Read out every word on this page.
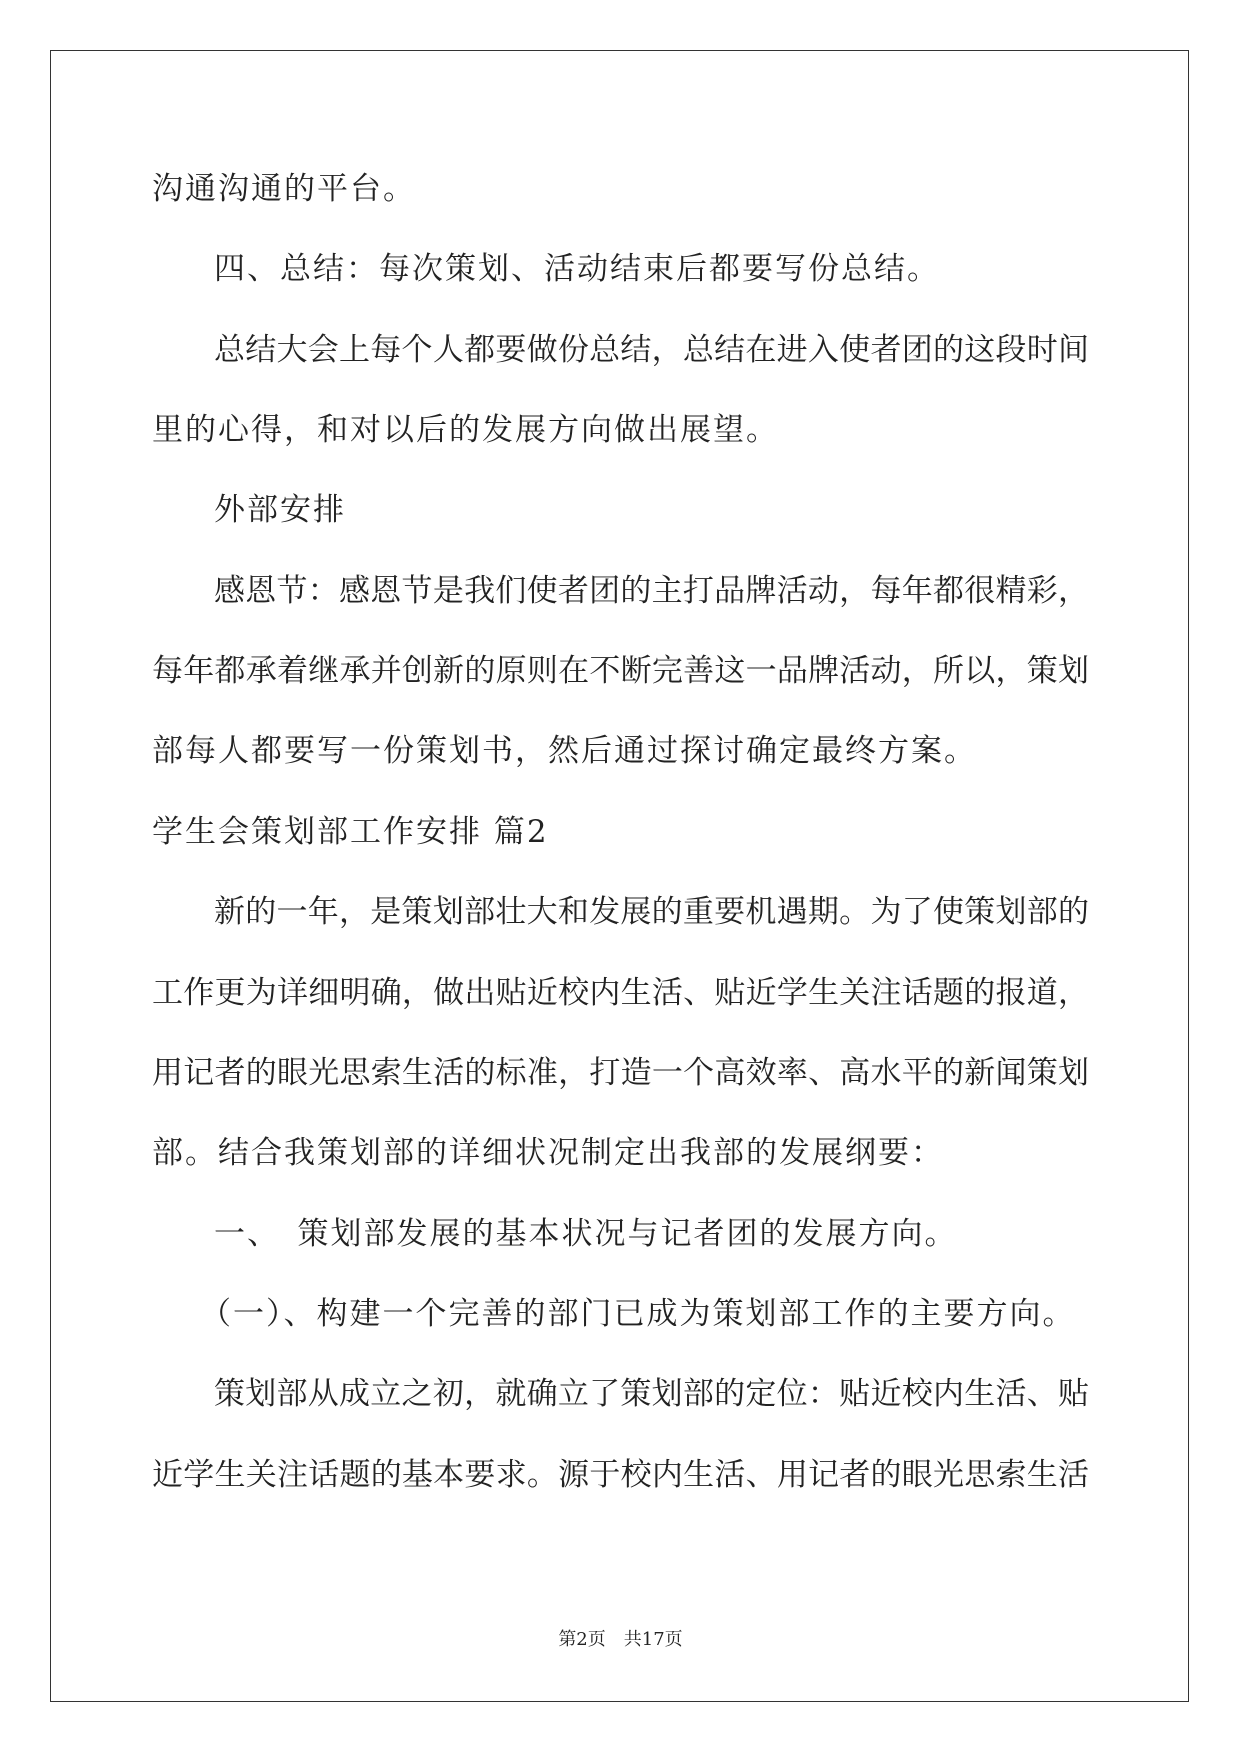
沟通沟通的平台。

四、总结：每次策划、活动结束后都要写份总结。

总结大会上每个人都要做份总结，总结在进入使者团的这段时间

里的心得，和对以后的发展方向做出展望。

外部安排

感恩节：感恩节是我们使者团的主打品牌活动，每年都很精彩，

每年都承着继承并创新的原则在不断完善这一品牌活动，所以，策划

部每人都要写一份策划书，然后通过探讨确定最终方案。

学生会策划部工作安排 篇2

新的一年，是策划部壮大和发展的重要机遇期。为了使策划部的

工作更为详细明确，做出贴近校内生活、贴近学生关注话题的报道，

用记者的眼光思索生活的标准，打造一个高效率、高水平的新闻策划

部。结合我策划部的详细状况制定出我部的发展纲要：

一、　策划部发展的基本状况与记者团的发展方向。

（一）、构建一个完善的部门已成为策划部工作的主要方向。

策划部从成立之初，就确立了策划部的定位：贴近校内生活、贴

近学生关注话题的基本要求。源于校内生活、用记者的眼光思索生活

第2页　共17页
